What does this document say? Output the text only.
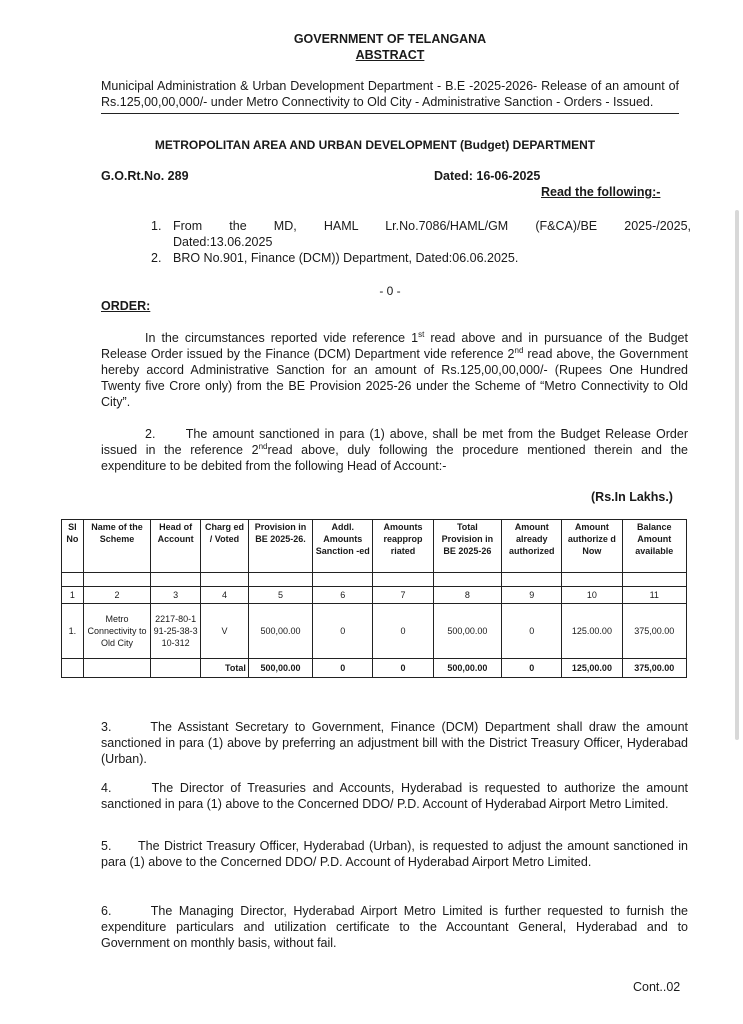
GOVERNMENT OF TELANGANA
ABSTRACT
Municipal Administration & Urban Development Department - B.E -2025-2026- Release of an amount of Rs.125,00,00,000/- under Metro Connectivity to Old City - Administrative Sanction - Orders - Issued.
METROPOLITAN AREA AND URBAN DEVELOPMENT (Budget) DEPARTMENT
G.O.Rt.No. 289	Dated: 16-06-2025
Read the following:-
1. From the MD, HAML Lr.No.7086/HAML/GM (F&CA)/BE 2025-/2025, Dated:13.06.2025
2. BRO No.901, Finance (DCM)) Department, Dated:06.06.2025.
- 0 -
ORDER:
In the circumstances reported vide reference 1st read above and in pursuance of the Budget Release Order issued by the Finance (DCM) Department vide reference 2nd read above, the Government hereby accord Administrative Sanction for an amount of Rs.125,00,00,000/- (Rupees One Hundred Twenty five Crore only) from the BE Provision 2025-26 under the Scheme of “Metro Connectivity to Old City”.
2.      The amount sanctioned in para (1) above, shall be met from the Budget Release Order issued in the reference 2ndread above, duly following the procedure mentioned therein and the expenditure to be debited from the following Head of Account:-
(Rs.In Lakhs.)
Sl No	Name of the Scheme	Head of Account	Charg ed / Voted	Provision in BE 2025-26.	Addl. Amounts Sanction -ed	Amounts reapprop riated	Total Provision in BE 2025-26	Amount already authorized	Amount authorize d Now	Balance Amount available

1	2	3	4	5	6	7	8	9	10	11
1.	Metro Connectivity to Old City	2217-80-191-25-38-310-312	V	500,00.00	0	0	500,00.00	0	125.00.00	375,00.00
			Total	500,00.00	0	0	500,00.00	0	125,00.00	375,00.00
3.      The Assistant Secretary to Government, Finance (DCM) Department shall draw the amount sanctioned in para (1) above by preferring an adjustment bill with the District Treasury Officer, Hyderabad (Urban).
4.      The Director of Treasuries and Accounts, Hyderabad is requested to authorize the amount sanctioned in para (1) above to the Concerned DDO/ P.D. Account of Hyderabad Airport Metro Limited.
5.      The District Treasury Officer, Hyderabad (Urban), is requested to adjust the amount sanctioned in para (1) above to the Concerned DDO/ P.D. Account of Hyderabad Airport Metro Limited.
6.      The Managing Director, Hyderabad Airport Metro Limited is further requested to furnish the expenditure particulars and utilization certificate to the Accountant General, Hyderabad and to Government on monthly basis, without fail.
Cont..02
